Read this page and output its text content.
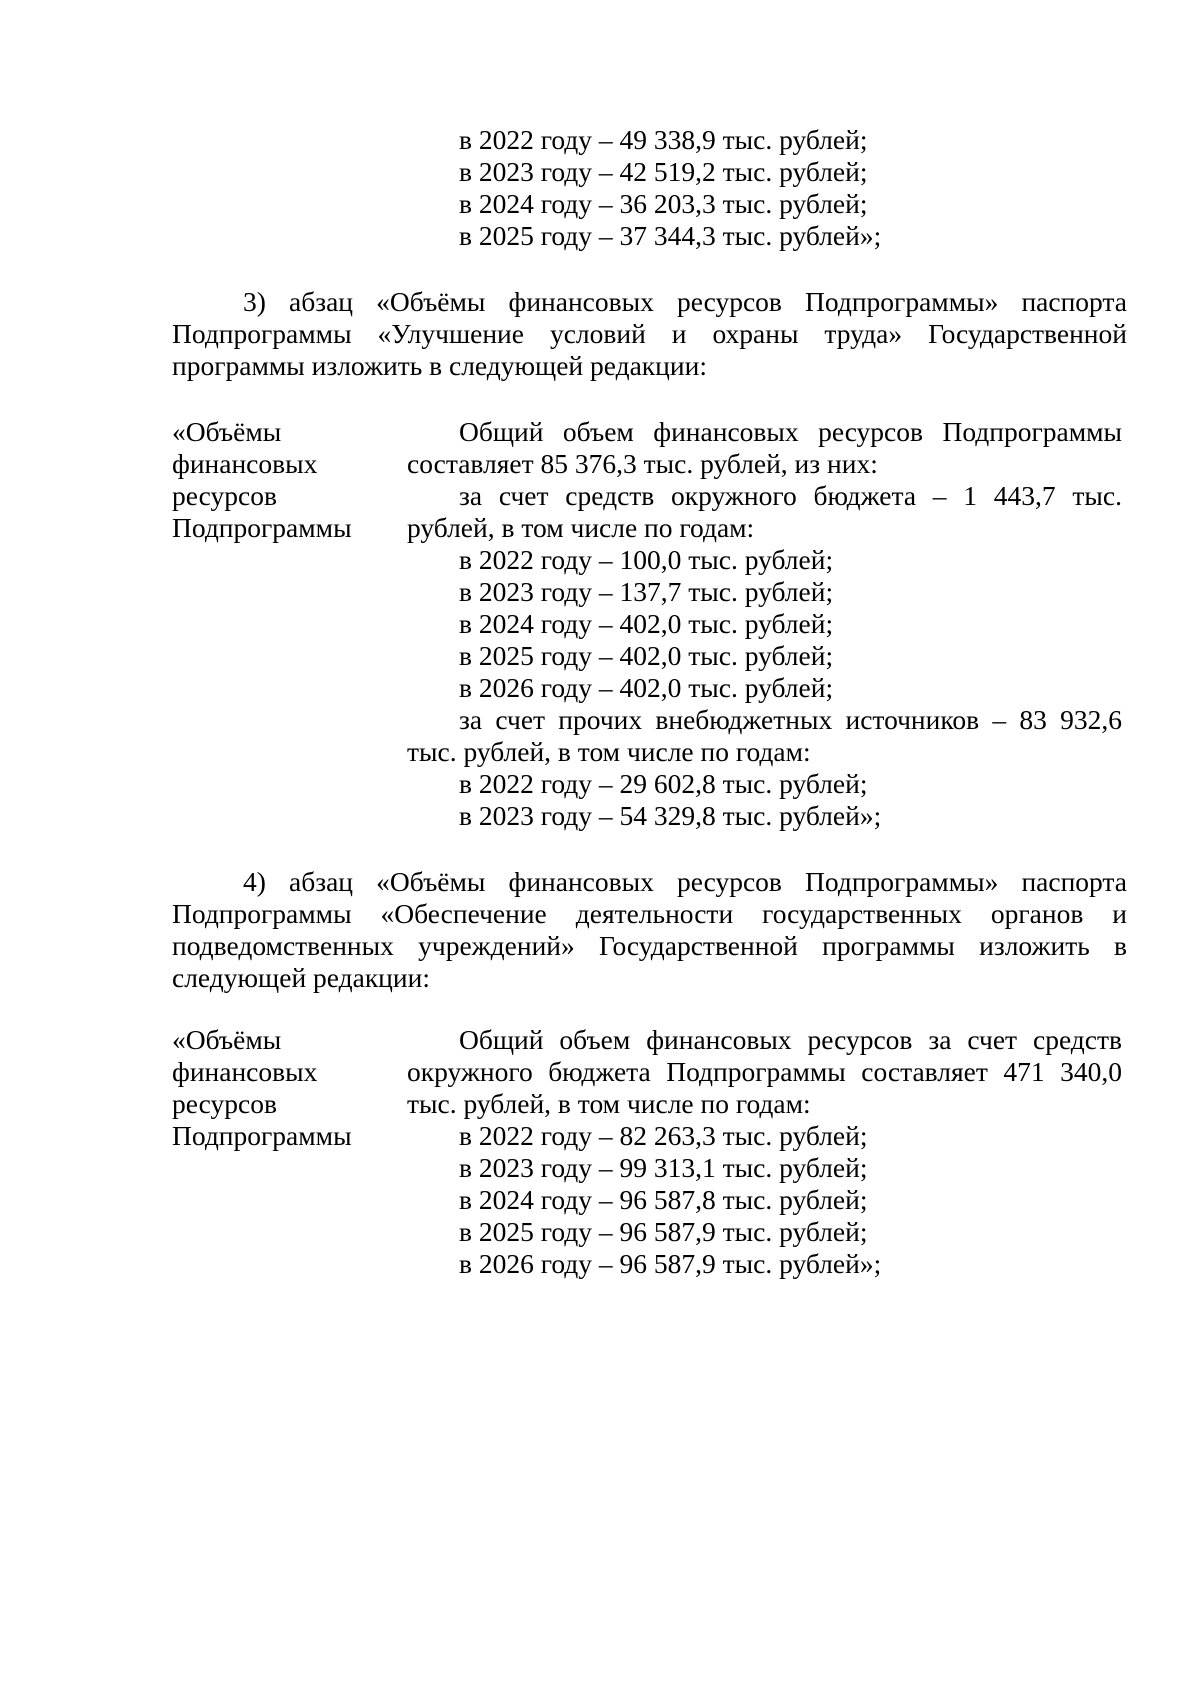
в 2022 году – 49 338,9 тыс. рублей;
в 2023 году – 42 519,2 тыс. рублей;
в 2024 году – 36 203,3 тыс. рублей;
в 2025 году – 37 344,3 тыс. рублей»;
3) абзац «Объёмы финансовых ресурсов Подпрограммы» паспорта
Подпрограммы «Улучшение условий и охраны труда» Государственной
программы изложить в следующей редакции:
«Объёмы
финансовых
ресурсов
Подпрограммы
Общий объем финансовых ресурсов Подпрограммы
составляет 85 376,3 тыс. рублей, из них:
за счет средств окружного бюджета – 1 443,7 тыс.
рублей, в том числе по годам:
в 2022 году – 100,0 тыс. рублей;
в 2023 году – 137,7 тыс. рублей;
в 2024 году – 402,0 тыс. рублей;
в 2025 году – 402,0 тыс. рублей;
в 2026 году – 402,0 тыс. рублей;
за счет прочих внебюджетных источников – 83 932,6
тыс. рублей, в том числе по годам:
в 2022 году – 29 602,8 тыс. рублей;
в 2023 году – 54 329,8 тыс. рублей»;
4) абзац «Объёмы финансовых ресурсов Подпрограммы» паспорта
Подпрограммы «Обеспечение деятельности государственных органов и
подведомственных учреждений» Государственной программы изложить в
следующей редакции:
«Объёмы
финансовых
ресурсов
Подпрограммы
Общий объем финансовых ресурсов за счет средств
окружного бюджета Подпрограммы составляет 471 340,0
тыс. рублей, в том числе по годам:
в 2022 году – 82 263,3 тыс. рублей;
в 2023 году – 99 313,1 тыс. рублей;
в 2024 году – 96 587,8 тыс. рублей;
в 2025 году – 96 587,9 тыс. рублей;
в 2026 году – 96 587,9 тыс. рублей»;
